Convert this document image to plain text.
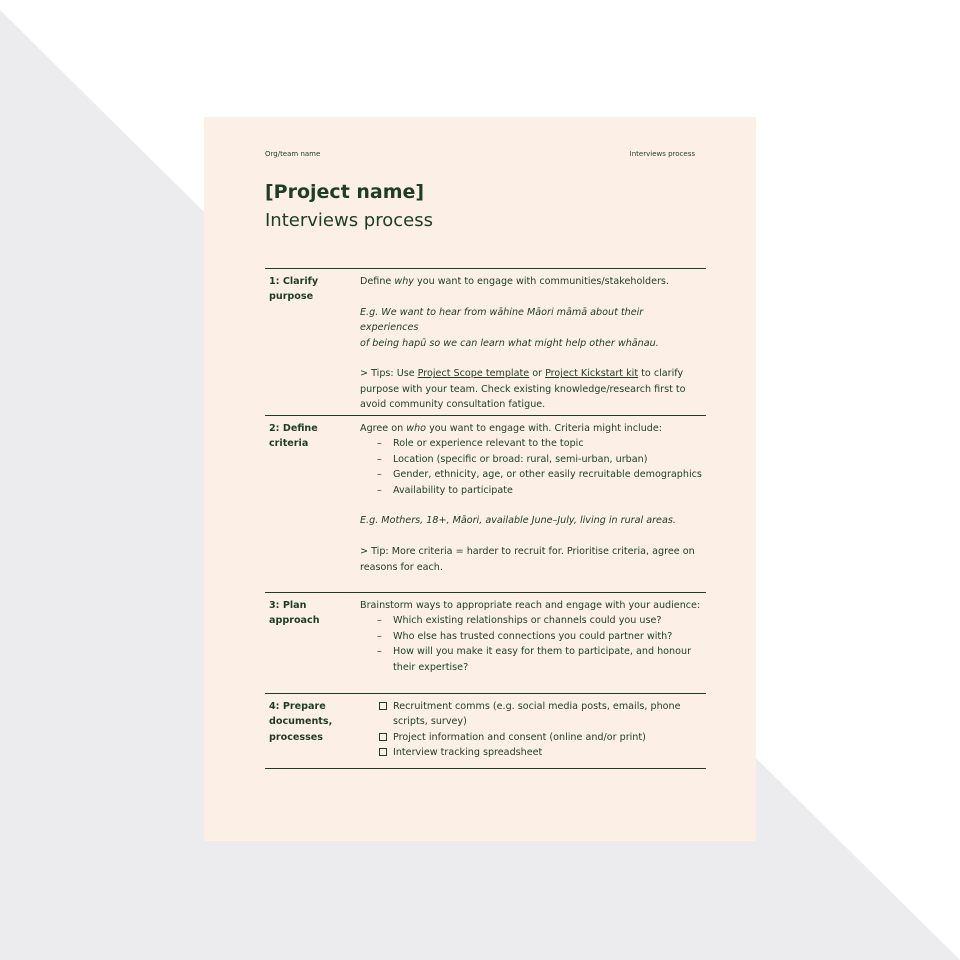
Org/team name	Interviews process
[Project name]
Interviews process
1: Clarify
purpose

Define why you want to engage with communities/stakeholders.

E.g. We want to hear from wāhine Māori māmā about their experiences

of being hapū so we can learn what might help other whānau.

> Tips: Use Project Scope template or Project Kickstart kit to clarify

purpose with your team. Check existing knowledge/research first to

avoid community consultation fatigue.

2: Define
criteria

Agree on who you want to engage with. Criteria might include:

– Role or experience relevant to the topic
– Location (specific or broad: rural, semi-urban, urban)
– Gender, ethnicity, age, or other easily recruitable demographics
– Availability to participate

E.g. Mothers, 18+, Māori, available June–July, living in rural areas.

> Tip: More criteria = harder to recruit for. Prioritise criteria, agree on

reasons for each.

3: Plan
approach

Brainstorm ways to appropriate reach and engage with your audience:

– Which existing relationships or channels could you use?
– Who else has trusted connections you could partner with?
– How will you make it easy for them to participate, and honour
their expertise?
4: Prepare
documents,
processes
Recruitment comms (e.g. social media posts, emails, phone
scripts, survey)
Project information and consent (online and/or print)
Interview tracking spreadsheet
